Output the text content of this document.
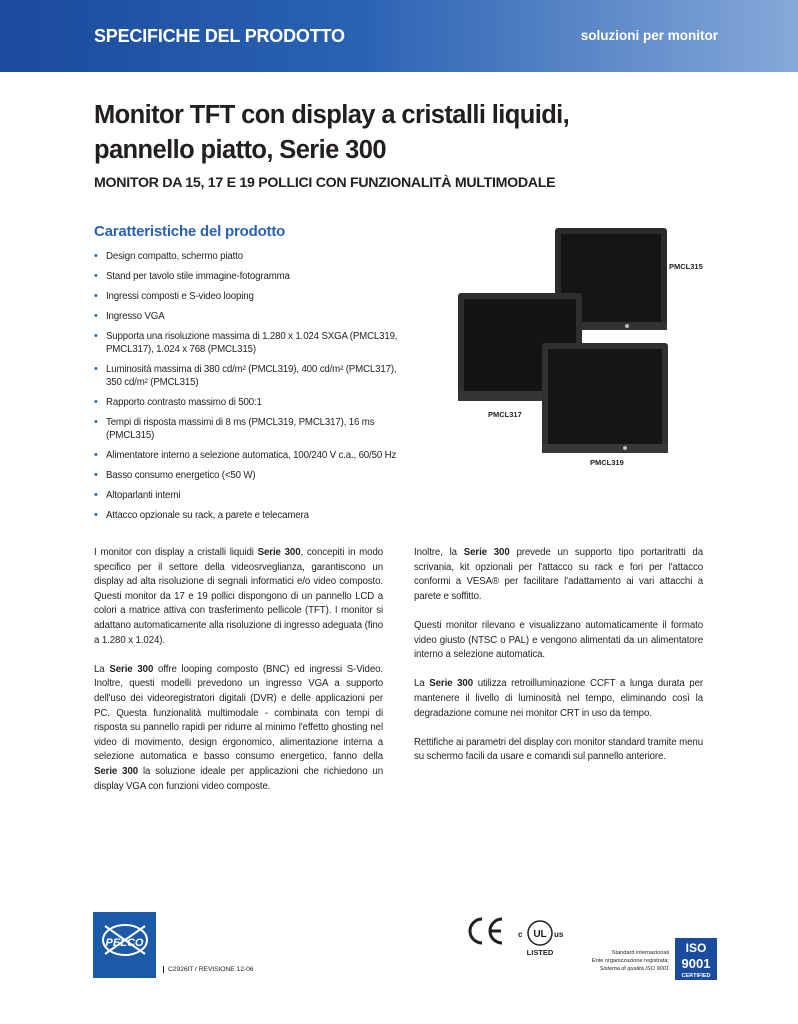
SPECIFICHE DEL PRODOTTO	soluzioni per monitor
Monitor TFT con display a cristalli liquidi,
pannello piatto, Serie 300
MONITOR DA 15, 17 E 19 POLLICI CON FUNZIONALITÀ MULTIMODALE
Caratteristiche del prodotto
• Design compatto, schermo piatto
• Stand per tavolo stile immagine-fotogramma
• Ingressi composti e S-video looping
• Ingresso VGA
• Supporta una risoluzione massima di 1.280 x 1.024 SXGA (PMCL319, PMCL317), 1.024 x 768 (PMCL315)
• Luminosità massima di 380 cd/m² (PMCL319), 400 cd/m² (PMCL317), 350 cd/m² (PMCL315)
• Rapporto contrasto massimo di 500:1
• Tempi di risposta massimi di 8 ms (PMCL319, PMCL317), 16 ms (PMCL315)
• Alimentatore interno a selezione automatica, 100/240 V c.a., 60/50 Hz
• Basso consumo energetico (<50 W)
• Altoparlanti interni
• Attacco opzionale su rack, a parete e telecamera
PMCL315
PMCL317
PMCL319

I monitor con display a cristalli liquidi Serie 300, concepiti in modo specifico per il settore della videosrveglianza, garantiscono un display ad alta risoluzione di segnali informatici e/o video composto. Questi monitor da 17 e 19 pollici dispongono di un pannello LCD a colori a matrice attiva con trasferimento pellicole (TFT). I monitor si adattano automaticamente alla risoluzione di ingresso adeguata (fino a 1.280 x 1.024).

La Serie 300 offre looping composto (BNC) ed ingressi S-Video. Inoltre, questi modelli prevedono un ingresso VGA a supporto dell'uso dei videoregistratori digitali (DVR) e delle applicazioni per PC. Questa funzionalità multimodale - combinata con tempi di risposta su pannello rapidi per ridurre al minimo l'effetto ghosting nel video di movimento, design ergonomico, alimentazione interna a selezione automatica e basso consumo energetico, fanno della Serie 300 la soluzione ideale per applicazioni che richiedono un display VGA con funzioni video composte.

Inoltre, la Serie 300 prevede un supporto tipo portaritratti da scrivania, kit opzionali per l'attacco su rack e fori per l'attacco conformi a VESA® per facilitare l'adattamento ai vari attacchi a parete e soffitto.

Questi monitor rilevano e visualizzano automaticamente il formato video giusto (NTSC o PAL) e vengono alimentati da un alimentatore interno a selezione automatica.

La Serie 300 utilizza retroilluminazione CCFT a lunga durata per mantenere il livello di luminosità nel tempo, eliminando così la degradazione comune nei monitor CRT in uso da tempo.

Rettifiche ai parametri del display con monitor standard tramite menu su schermo facili da usare e comandi sul pannello anteriore.

PELCO
C2926IT / REVISIONE 12-06
c UL us
LISTED	Standard internazionali
Ente organizzazione registrata;
Sistema di qualità ISO 9001
ISO
9001
CERTIFIED
